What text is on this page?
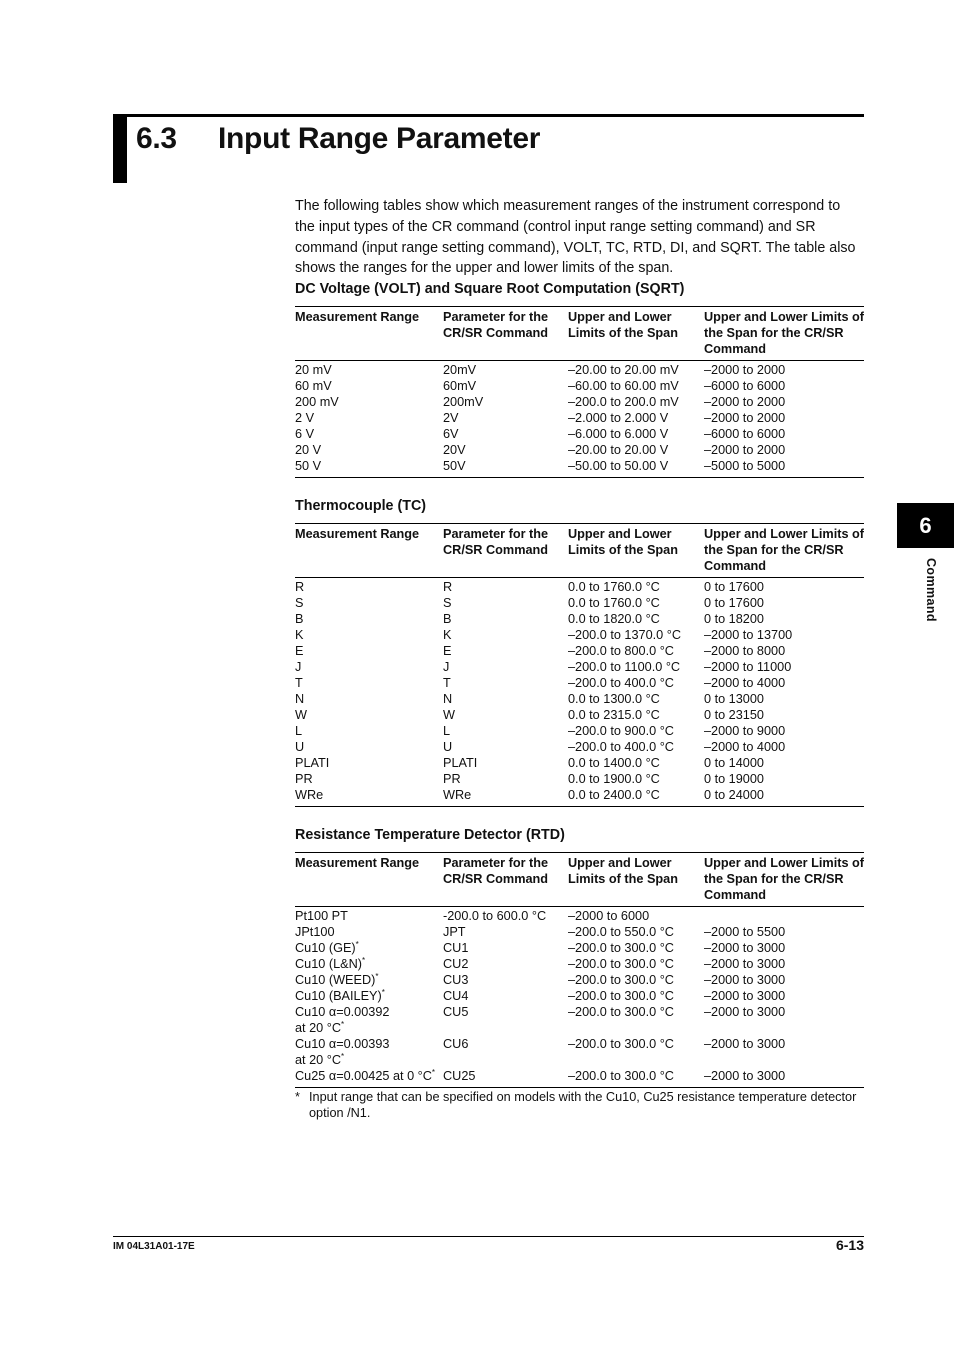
6.3 Input Range Parameter

The following tables show which measurement ranges of the instrument correspond to the input types of the CR command (control input range setting command) and SR command (input range setting command), VOLT, TC, RTD, DI, and SQRT. The table also shows the ranges for the upper and lower limits of the span.

DC Voltage (VOLT) and Square Root Computation (SQRT)
Measurement Range	Parameter for the CR/SR Command	Upper and Lower Limits of the Span	Upper and Lower Limits of the Span for the CR/SR Command
20 mV	20mV	–20.00 to 20.00 mV	–2000 to 2000
60 mV	60mV	–60.00 to 60.00 mV	–6000 to 6000
200 mV	200mV	–200.0 to 200.0 mV	–2000 to 2000
2 V	2V	–2.000 to 2.000 V	–2000 to 2000
6 V	6V	–6.000 to 6.000 V	–6000 to 6000
20 V	20V	–20.00 to 20.00 V	–2000 to 2000
50 V	50V	–50.00 to 50.00 V	–5000 to 5000
Thermocouple (TC)
Measurement Range	Parameter for the CR/SR Command	Upper and Lower Limits of the Span	Upper and Lower Limits of the Span for the CR/SR Command
R	R	0.0 to 1760.0 °C	0 to 17600
S	S	0.0 to 1760.0 °C	0 to 17600
B	B	0.0 to 1820.0 °C	0 to 18200
K	K	–200.0 to 1370.0 °C	–2000 to 13700
E	E	–200.0 to 800.0 °C	–2000 to 8000
J	J	–200.0 to 1100.0 °C	–2000 to 11000
T	T	–200.0 to 400.0 °C	–2000 to 4000
N	N	0.0 to 1300.0 °C	0 to 13000
W	W	0.0 to 2315.0 °C	0 to 23150
L	L	–200.0 to 900.0 °C	–2000 to 9000
U	U	–200.0 to 400.0 °C	–2000 to 4000
PLATI	PLATI	0.0 to 1400.0 °C	0 to 14000
PR	PR	0.0 to 1900.0 °C	0 to 19000
WRe	WRe	0.0 to 2400.0 °C	0 to 24000
Resistance Temperature Detector (RTD)
Measurement Range	Parameter for the CR/SR Command	Upper and Lower Limits of the Span	Upper and Lower Limits of the Span for the CR/SR Command
Pt100 PT	-200.0 to 600.0 °C	–2000 to 6000	
JPt100	JPT	–200.0 to 550.0 °C	–2000 to 5500
Cu10 (GE)*	CU1	–200.0 to 300.0 °C	–2000 to 3000
Cu10 (L&N)*	CU2	–200.0 to 300.0 °C	–2000 to 3000
Cu10 (WEED)*	CU3	–200.0 to 300.0 °C	–2000 to 3000
Cu10 (BAILEY)*	CU4	–200.0 to 300.0 °C	–2000 to 3000
Cu10 α=0.00392
at 20 °C*	CU5	–200.0 to 300.0 °C	–2000 to 3000
Cu10 α=0.00393
at 20 °C*	CU6	–200.0 to 300.0 °C	–2000 to 3000
Cu25 α=0.00425 at 0 °C*	CU25	–200.0 to 300.0 °C	–2000 to 3000
* Input range that can be specified on models with the Cu10, Cu25 resistance temperature detector option /N1.
6
Command
IM 04L31A01-17E	6-13
